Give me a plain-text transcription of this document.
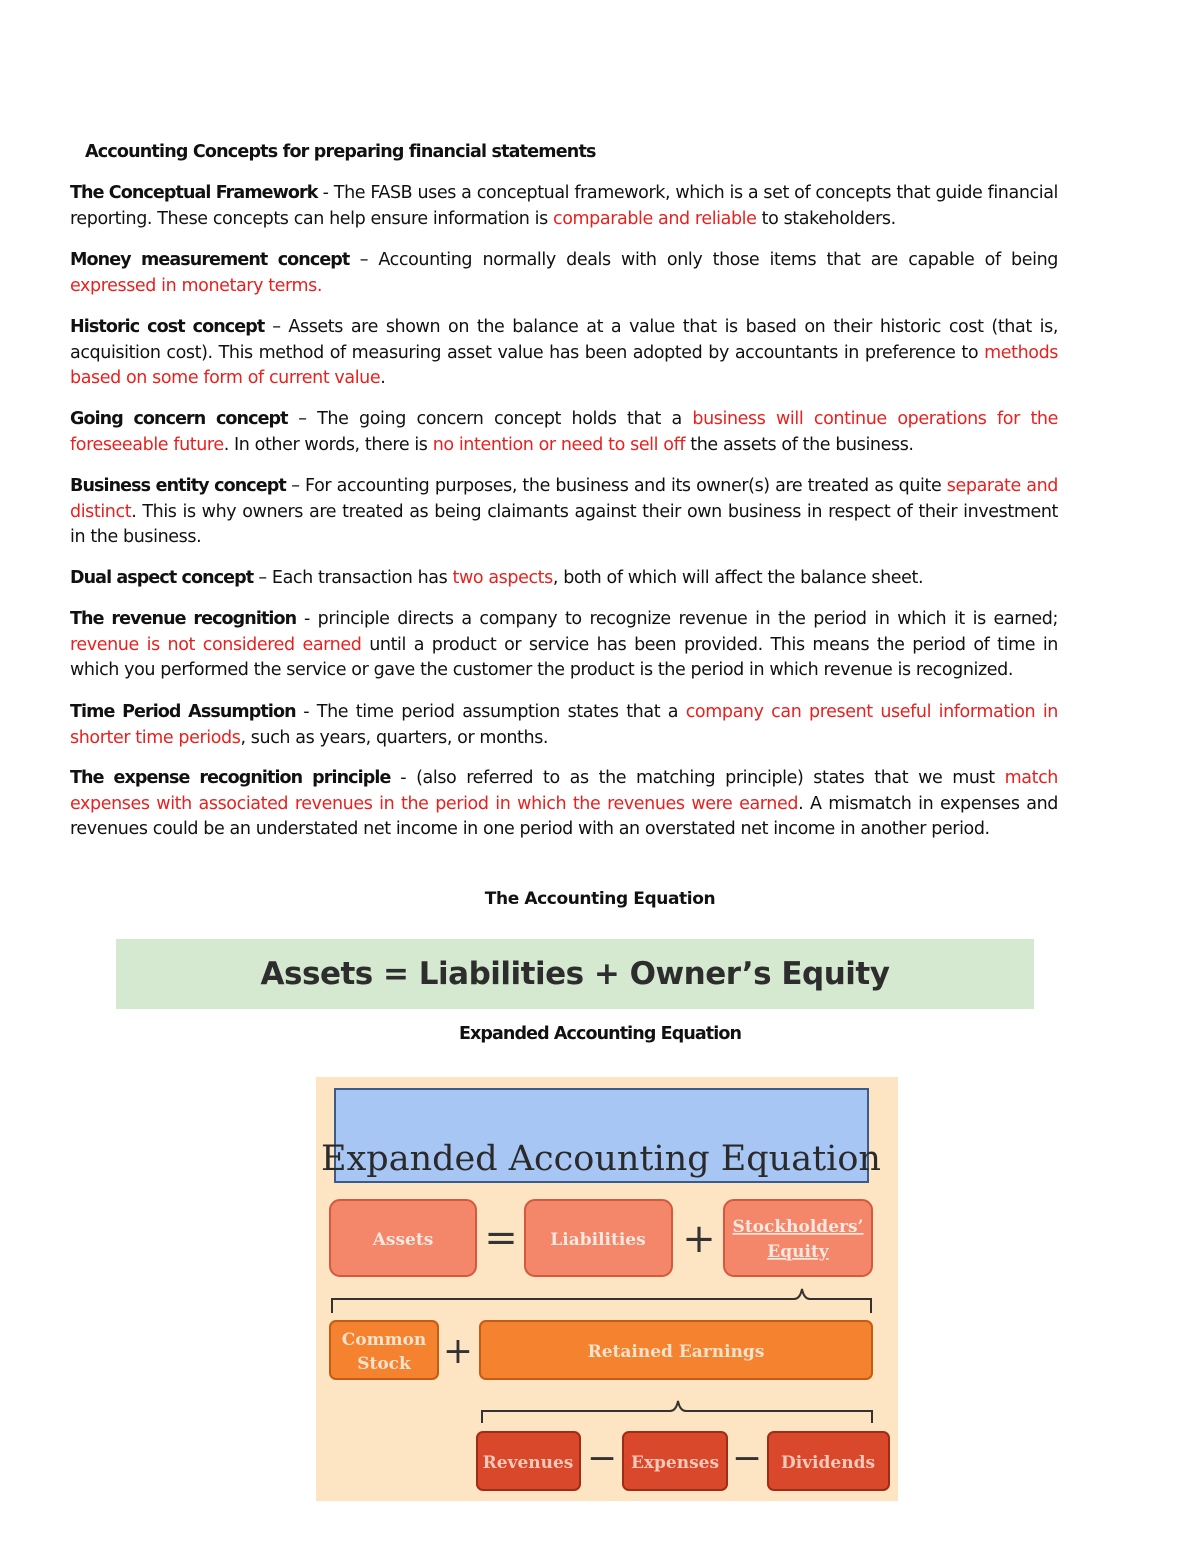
Accounting Concepts for preparing financial statements

The Conceptual Framework - The FASB uses a conceptual framework, which is a set of concepts that guide financial reporting. These concepts can help ensure information is comparable and reliable to stakeholders.

Money measurement concept – Accounting normally deals with only those items that are capable of being expressed in monetary terms.

Historic cost concept – Assets are shown on the balance at a value that is based on their historic cost (that is, acquisition cost). This method of measuring asset value has been adopted by accountants in preference to methods based on some form of current value.

Going concern concept – The going concern concept holds that a business will continue operations for the foreseeable future. In other words, there is no intention or need to sell off the assets of the business.

Business entity concept – For accounting purposes, the business and its owner(s) are treated as quite separate and distinct. This is why owners are treated as being claimants against their own business in respect of their investment in the business.

Dual aspect concept – Each transaction has two aspects, both of which will affect the balance sheet.

The revenue recognition - principle directs a company to recognize revenue in the period in which it is earned; revenue is not considered earned until a product or service has been provided. This means the period of time in which you performed the service or gave the customer the product is the period in which revenue is recognized.

Time Period Assumption - The time period assumption states that a company can present useful information in shorter time periods, such as years, quarters, or months.

The expense recognition principle - (also referred to as the matching principle) states that we must match expenses with associated revenues in the period in which the revenues were earned. A mismatch in expenses and revenues could be an understated net income in one period with an overstated net income in another period.

The Accounting Equation
Assets = Liabilities + Owner’s Equity
Expanded Accounting Equation
Expanded Accounting Equation
Assets = Liabilities + Stockholders’
Equity
Common
Stock +	Retained Earnings
Revenues − Expenses − Dividends
